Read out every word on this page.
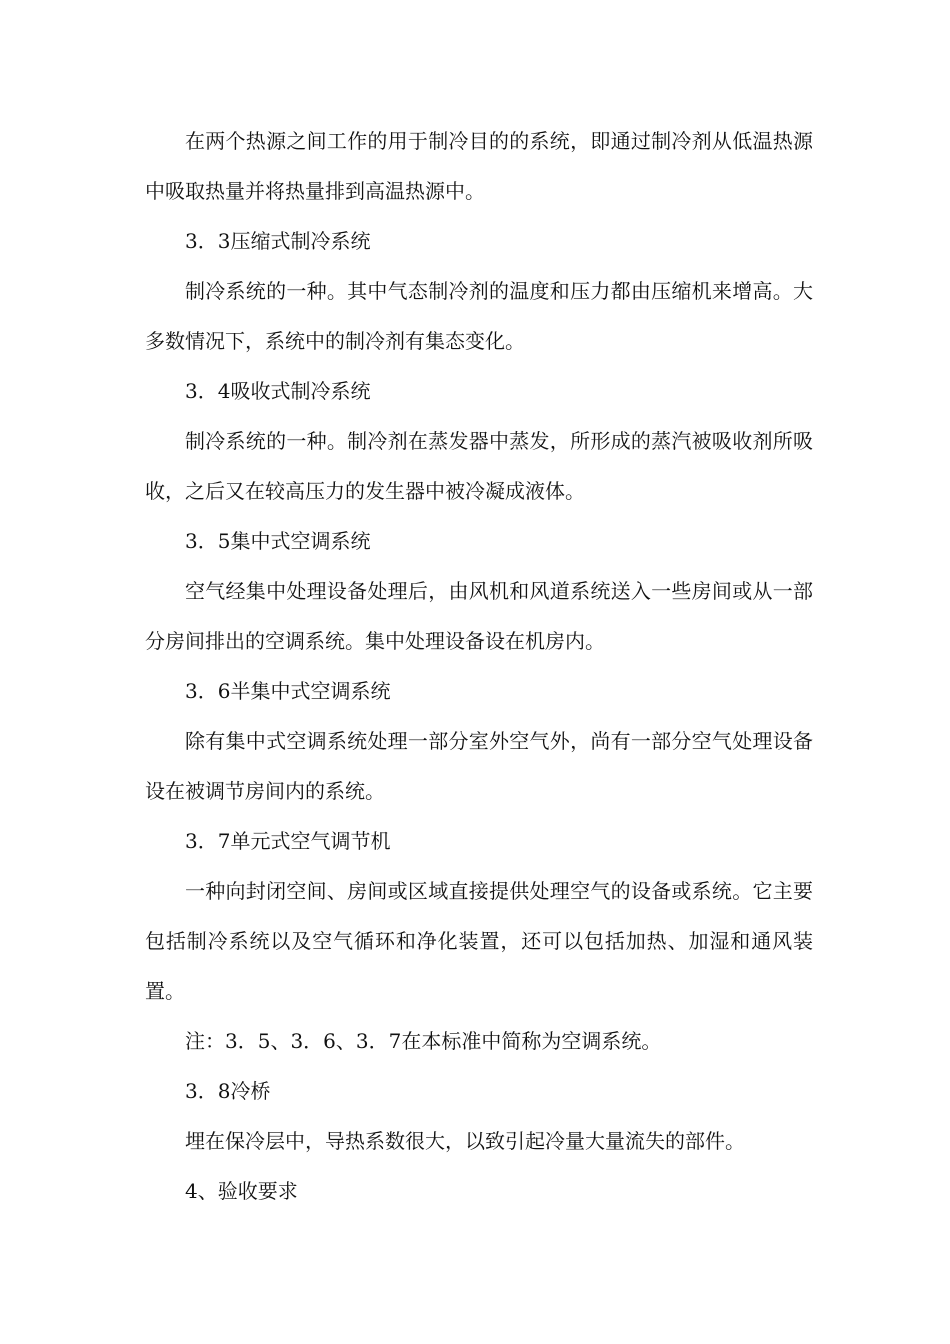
在两个热源之间工作的用于制冷目的的系统，即通过制冷剂从低温热源中吸取热量并将热量排到高温热源中。

3．3压缩式制冷系统

制冷系统的一种。其中气态制冷剂的温度和压力都由压缩机来增高。大多数情况下，系统中的制冷剂有集态变化。

3．4吸收式制冷系统

制冷系统的一种。制冷剂在蒸发器中蒸发，所形成的蒸汽被吸收剂所吸收，之后又在较高压力的发生器中被冷凝成液体。

3．5集中式空调系统

空气经集中处理设备处理后，由风机和风道系统送入一些房间或从一部分房间排出的空调系统。集中处理设备设在机房内。

3．6半集中式空调系统

除有集中式空调系统处理一部分室外空气外，尚有一部分空气处理设备设在被调节房间内的系统。

3．7单元式空气调节机

一种向封闭空间、房间或区域直接提供处理空气的设备或系统。它主要包括制冷系统以及空气循环和净化装置，还可以包括加热、加湿和通风装置。

注：3．5、3．6、3．7在本标准中简称为空调系统。

3．8冷桥

埋在保冷层中，导热系数很大，以致引起冷量大量流失的部件。

4、验收要求
